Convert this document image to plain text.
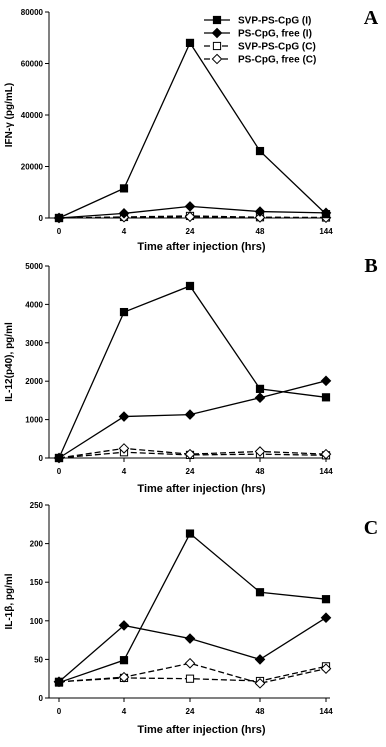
0
20000
40000
60000
80000
0	4	24	48	144
Time after injection (hrs)
IFN-γ (pg/mL)
A
SVP-PS-CpG (I)
PS-CpG, free (I)
SVP-PS-CpG (C)
PS-CpG, free (C)
0
1000
2000
3000
4000
5000
0	4	24	48	144
Time after injection (hrs)
IL-12(p40), pg/ml
B
0
50
100
150
200
250
0	4	24	48	144
Time after injection (hrs)
IL-1β, pg/ml
C
